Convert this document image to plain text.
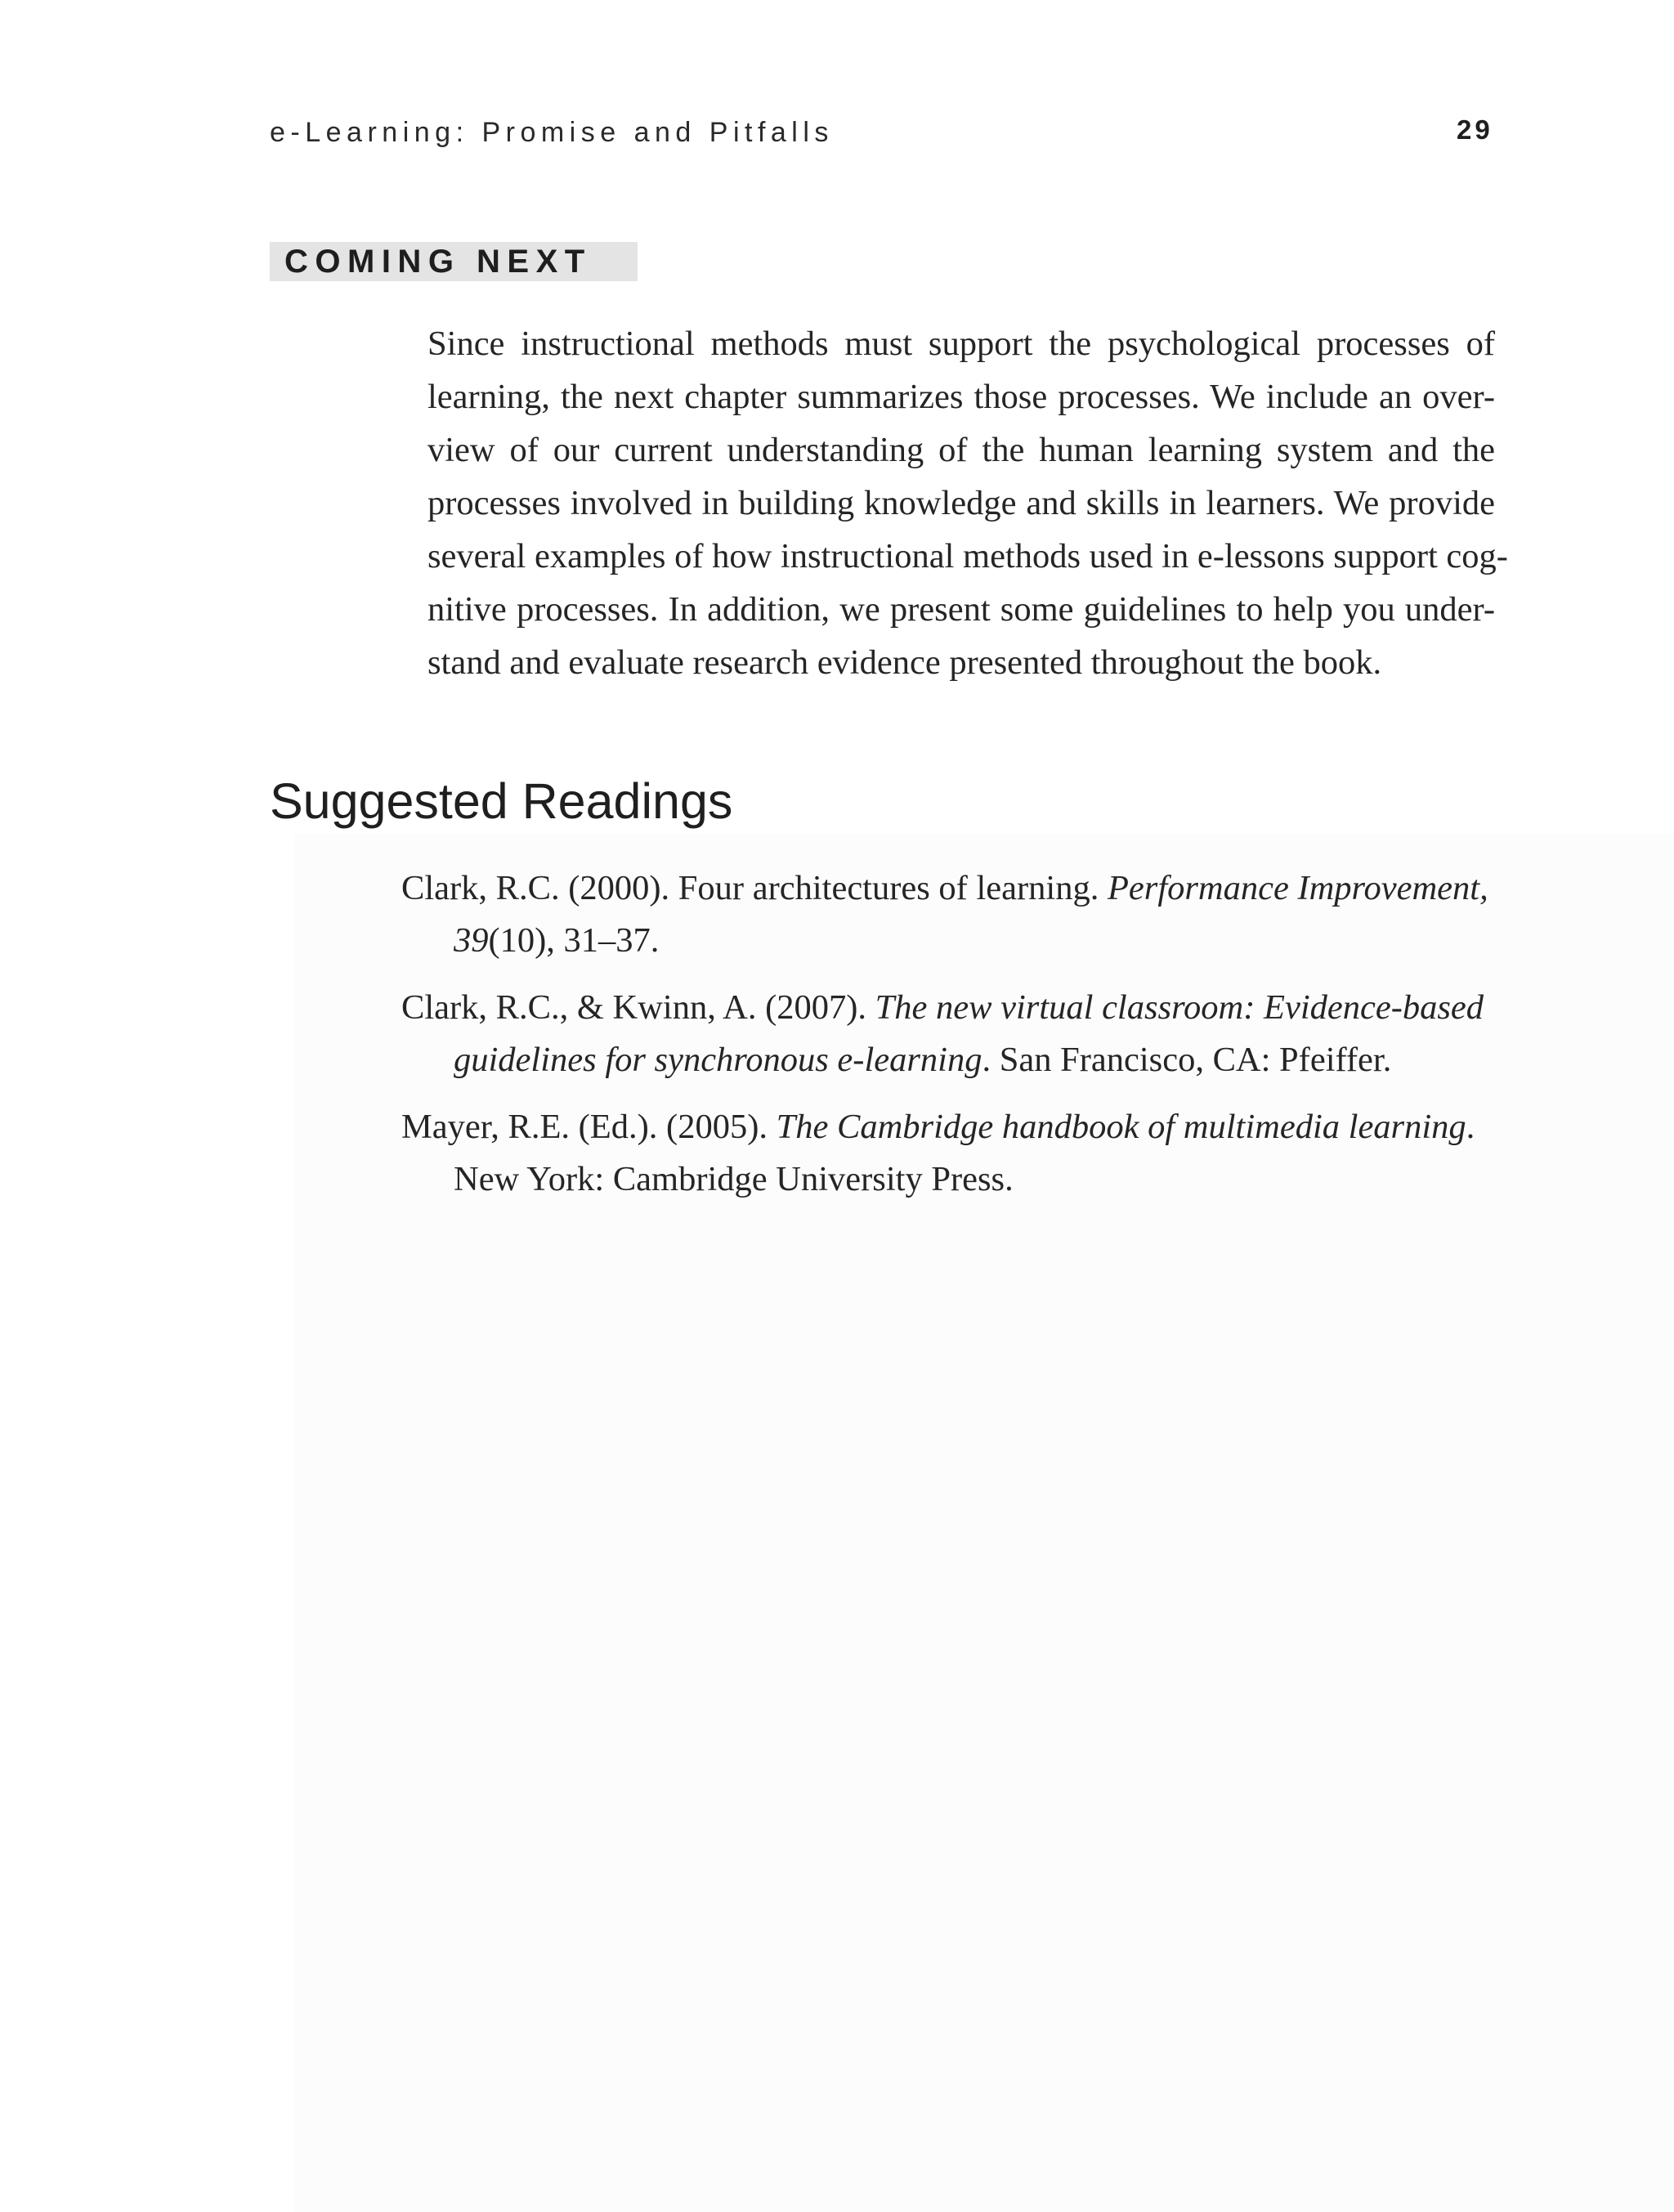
e-Learning: Promise and Pitfalls	29
COMING NEXT
Since instructional methods must support the psychological processes of
learning, the next chapter summarizes those processes. We include an over-
view of our current understanding of the human learning system and the
processes involved in building knowledge and skills in learners. We provide
several examples of how instructional methods used in e-lessons support cog-
nitive processes. In addition, we present some guidelines to help you under-
stand and evaluate research evidence presented throughout the book.
Suggested Readings
Clark, R.C. (2000). Four architectures of learning. Performance Improvement,
39(10), 31–37.
Clark, R.C., & Kwinn, A. (2007). The new virtual classroom: Evidence-based
guidelines for synchronous e-learning. San Francisco, CA: Pfeiffer.
Mayer, R.E. (Ed.). (2005). The Cambridge handbook of multimedia learning.
New York: Cambridge University Press.
